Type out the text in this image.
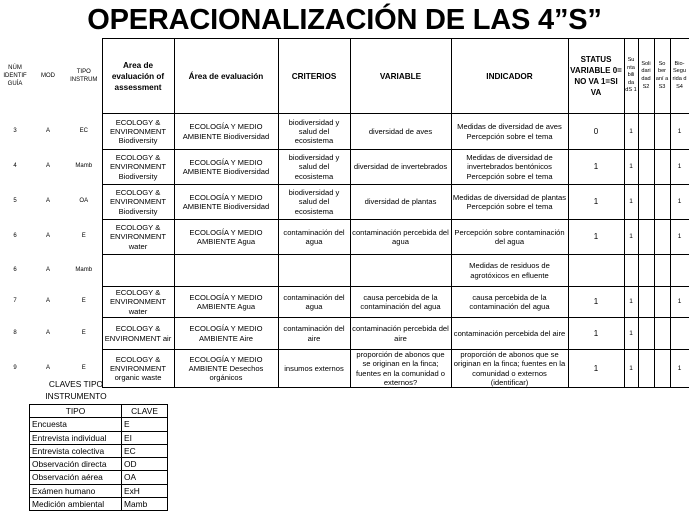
OPERACIONALIZACIÓN DE LAS 4”S”
NÚM IDENTIF GUÍA	MOD	TIPO INSTRUM	Area de evaluación of assessment	Área de evaluación	CRITERIOS	VARIABLE	INDICADOR	STATUS VARIABLE 0= NO VA 1=SI VA	Su nta bili da dS 1	Soli dari dad S2	So ber aní a S3	Bio- Segu rida d S4
3	A	EC	ECOLOGY & ENVIRONMENT Biodiversity	ECOLOGÍA Y MEDIO AMBIENTE Biodiversidad	biodiversidad y salud del ecosistema	diversidad de aves	Medidas de diversidad de aves Percepción sobre el tema	0	1			1
4	A	Mamb	ECOLOGY & ENVIRONMENT Biodiversity	ECOLOGÍA Y MEDIO AMBIENTE Biodiversidad	biodiversidad y salud del ecosistema	diversidad de invertebrados	Medidas de diversidad de invertebrados bentónicos Percepción sobre el tema	1	1			1
5	A	OA	ECOLOGY & ENVIRONMENT Biodiversity	ECOLOGÍA Y MEDIO AMBIENTE Biodiversidad	biodiversidad y salud del ecosistema	diversidad de plantas	Medidas de diversidad de plantas Percepción sobre el tema	1	1			1
6	A	E	ECOLOGY & ENVIRONMENT water	ECOLOGÍA Y MEDIO AMBIENTE Agua	contaminación del agua	contaminación percebida del agua	Percepción sobre contaminación del agua	1	1			1
6	A	Mamb					Medidas de residuos de agrotóxicos en efluente					
7	A	E	ECOLOGY & ENVIRONMENT water	ECOLOGÍA Y MEDIO AMBIENTE Agua	contaminación del agua	causa percebida de la contaminación del agua	causa percebida de la contaminación del agua	1	1			1
8	A	E	ECOLOGY & ENVIRONMENT air	ECOLOGÍA Y MEDIO AMBIENTE Aire	contaminación del aire	contaminación percebida del aire	contaminación percebida del aire	1	1			
9	A	E	ECOLOGY & ENVIRONMENT organic waste	ECOLOGÍA Y MEDIO AMBIENTE Desechos orgánicos	insumos externos	proporción de abonos que se originan en la finca; fuentes en la comunidad o externos?	proporción de abonos que se originan en la finca; fuentes en la comunidad o externos (identificar)	1	1			1
CLAVES TIPO INSTRUMENTO
TIPO	CLAVE
Encuesta	E
Entrevista individual	EI
Entrevista colectiva	EC
Observación directa	OD
Observación aérea	OA
Exámen humano	ExH
Medición ambiental	Mamb
